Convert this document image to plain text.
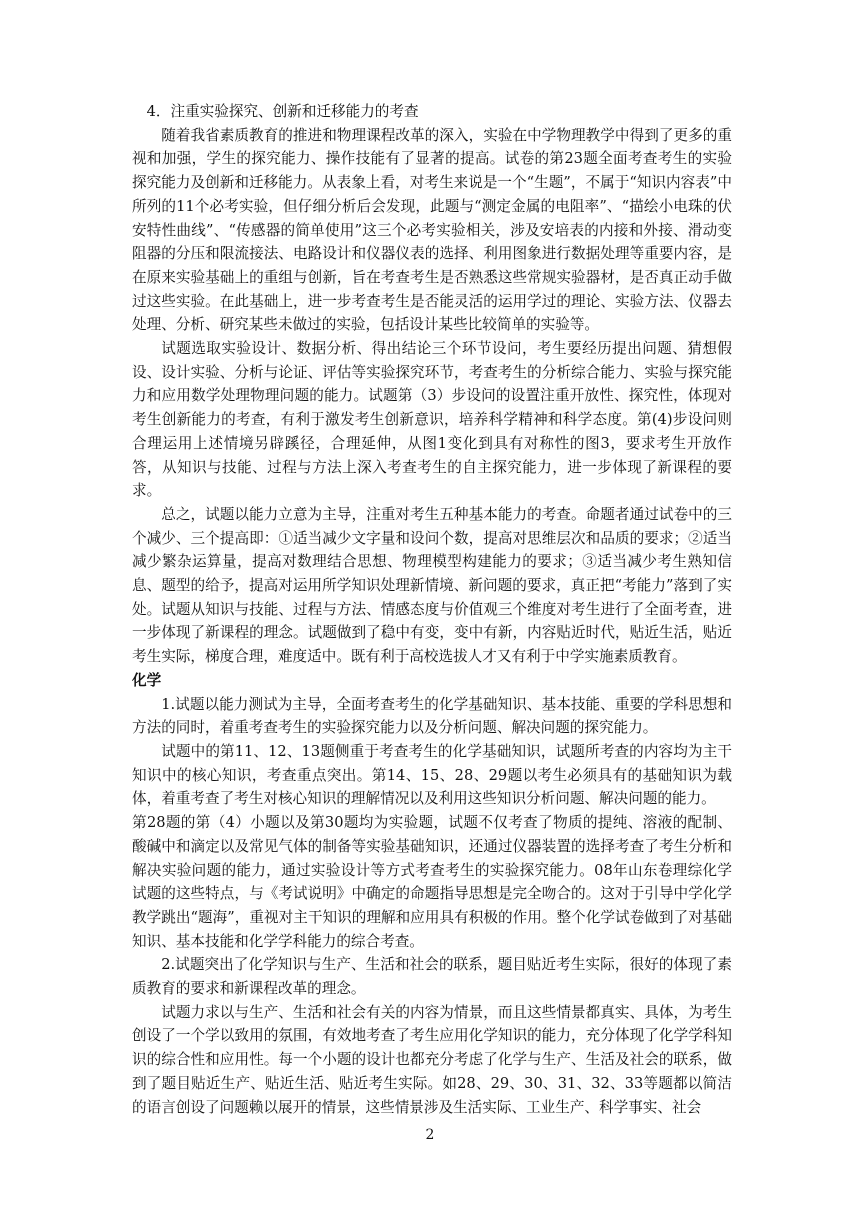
4．注重实验探究、创新和迁移能力的考查

随着我省素质教育的推进和物理课程改革的深入，实验在中学物理教学中得到了更多的重视和加强，学生的探究能力、操作技能有了显著的提高。试卷的第23题全面考查考生的实验探究能力及创新和迁移能力。从表象上看，对考生来说是一个“生题”，不属于“知识内容表”中所列的11个必考实验，但仔细分析后会发现，此题与“测定金属的电阻率”、“描绘小电珠的伏安特性曲线”、“传感器的简单使用”这三个必考实验相关，涉及安培表的内接和外接、滑动变阻器的分压和限流接法、电路设计和仪器仪表的选择、利用图象进行数据处理等重要内容，是在原来实验基础上的重组与创新，旨在考查考生是否熟悉这些常规实验器材，是否真正动手做过这些实验。在此基础上，进一步考查考生是否能灵活的运用学过的理论、实验方法、仪器去处理、分析、研究某些未做过的实验，包括设计某些比较简单的实验等。

试题选取实验设计、数据分析、得出结论三个环节设问，考生要经历提出问题、猜想假设、设计实验、分析与论证、评估等实验探究环节，考查考生的分析综合能力、实验与探究能力和应用数学处理物理问题的能力。试题第（3）步设问的设置注重开放性、探究性，体现对考生创新能力的考查，有利于激发考生创新意识，培养科学精神和科学态度。第(4)步设问则合理运用上述情境另辟蹊径，合理延伸，从图1变化到具有对称性的图3，要求考生开放作答，从知识与技能、过程与方法上深入考查考生的自主探究能力，进一步体现了新课程的要求。

总之，试题以能力立意为主导，注重对考生五种基本能力的考查。命题者通过试卷中的三个减少、三个提高即：①适当减少文字量和设问个数，提高对思维层次和品质的要求；②适当减少繁杂运算量，提高对数理结合思想、物理模型构建能力的要求；③适当减少考生熟知信息、题型的给予，提高对运用所学知识处理新情境、新问题的要求，真正把“考能力”落到了实处。试题从知识与技能、过程与方法、情感态度与价值观三个维度对考生进行了全面考查，进一步体现了新课程的理念。试题做到了稳中有变，变中有新，内容贴近时代，贴近生活，贴近考生实际，梯度合理，难度适中。既有利于高校选拔人才又有利于中学实施素质教育。

化学

1.试题以能力测试为主导，全面考查考生的化学基础知识、基本技能、重要的学科思想和方法的同时，着重考查考生的实验探究能力以及分析问题、解决问题的探究能力。

试题中的第11、12、13题侧重于考查考生的化学基础知识，试题所考查的内容均为主干知识中的核心知识，考查重点突出。第14、15、28、29题以考生必须具有的基础知识为载体，着重考查了考生对核心知识的理解情况以及利用这些知识分析问题、解决问题的能力。

第28题的第（4）小题以及第30题均为实验题，试题不仅考查了物质的提纯、溶液的配制、酸碱中和滴定以及常见气体的制备等实验基础知识，还通过仪器装置的选择考查了考生分析和解决实验问题的能力，通过实验设计等方式考查考生的实验探究能力。08年山东卷理综化学试题的这些特点，与《考试说明》中确定的命题指导思想是完全吻合的。这对于引导中学化学教学跳出“题海”，重视对主干知识的理解和应用具有积极的作用。整个化学试卷做到了对基础知识、基本技能和化学学科能力的综合考查。

2.试题突出了化学知识与生产、生活和社会的联系，题目贴近考生实际，很好的体现了素质教育的要求和新课程改革的理念。

试题力求以与生产、生活和社会有关的内容为情景，而且这些情景都真实、具体，为考生创设了一个学以致用的氛围，有效地考查了考生应用化学知识的能力，充分体现了化学学科知识的综合性和应用性。每一个小题的设计也都充分考虑了化学与生产、生活及社会的联系，做到了题目贴近生产、贴近生活、贴近考生实际。如28、29、30、31、32、33等题都以简洁的语言创设了问题赖以展开的情景，这些情景涉及生活实际、工业生产、科学事实、社会

2
